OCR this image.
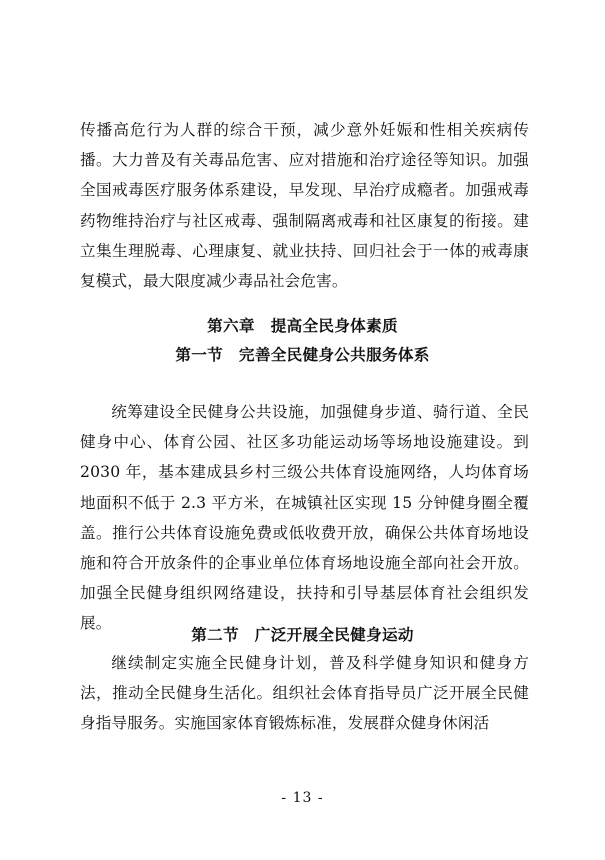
传播高危行为人群的综合干预，减少意外妊娠和性相关疾病传播。大力普及有关毒品危害、应对措施和治疗途径等知识。加强全国戒毒医疗服务体系建设，早发现、早治疗成瘾者。加强戒毒药物维持治疗与社区戒毒、强制隔离戒毒和社区康复的衔接。建立集生理脱毒、心理康复、就业扶持、回归社会于一体的戒毒康复模式，最大限度减少毒品社会危害。

第六章　提高全民身体素质
第一节　完善全民健身公共服务体系

统筹建设全民健身公共设施，加强健身步道、骑行道、全民健身中心、体育公园、社区多功能运动场等场地设施建设。到 2030 年，基本建成县乡村三级公共体育设施网络，人均体育场地面积不低于 2.3 平方米，在城镇社区实现 15 分钟健身圈全覆盖。推行公共体育设施免费或低收费开放，确保公共体育场地设施和符合开放条件的企事业单位体育场地设施全部向社会开放。加强全民健身组织网络建设，扶持和引导基层体育社会组织发展。

第二节　广泛开展全民健身运动

继续制定实施全民健身计划，普及科学健身知识和健身方法，推动全民健身生活化。组织社会体育指导员广泛开展全民健身指导服务。实施国家体育锻炼标准，发展群众健身休闲活

- 13 -
